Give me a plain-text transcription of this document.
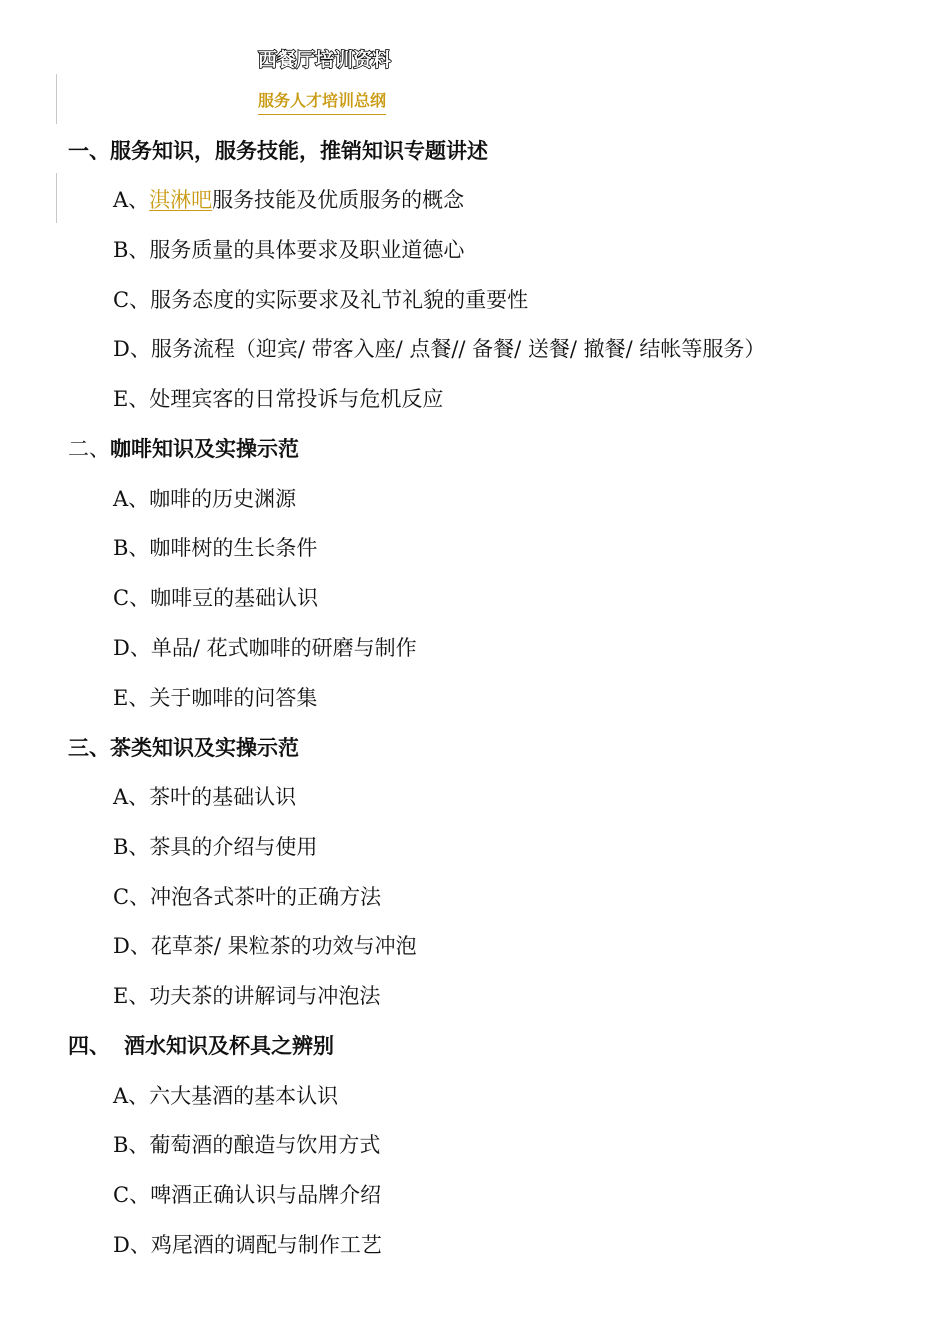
西餐厅培训资料
服务人才培训总纲
一、服务知识，服务技能，推销知识专题讲述
A、淇淋吧服务技能及优质服务的概念
B、服务质量的具体要求及职业道德心
C、服务态度的实际要求及礼节礼貌的重要性
D、服务流程（迎宾/ 带客入座/ 点餐// 备餐/ 送餐/ 撤餐/ 结帐等服务）
E、处理宾客的日常投诉与危机反应
二、咖啡知识及实操示范
A、咖啡的历史渊源
B、咖啡树的生长条件
C、咖啡豆的基础认识
D、单品/ 花式咖啡的研磨与制作
E、关于咖啡的问答集
三、茶类知识及实操示范
A、茶叶的基础认识
B、茶具的介绍与使用
C、冲泡各式茶叶的正确方法
D、花草茶/ 果粒茶的功效与冲泡
E、功夫茶的讲解词与冲泡法
四、 酒水知识及杯具之辨别
A、六大基酒的基本认识
B、葡萄酒的酿造与饮用方式
C、啤酒正确认识与品牌介绍
D、鸡尾酒的调配与制作工艺
